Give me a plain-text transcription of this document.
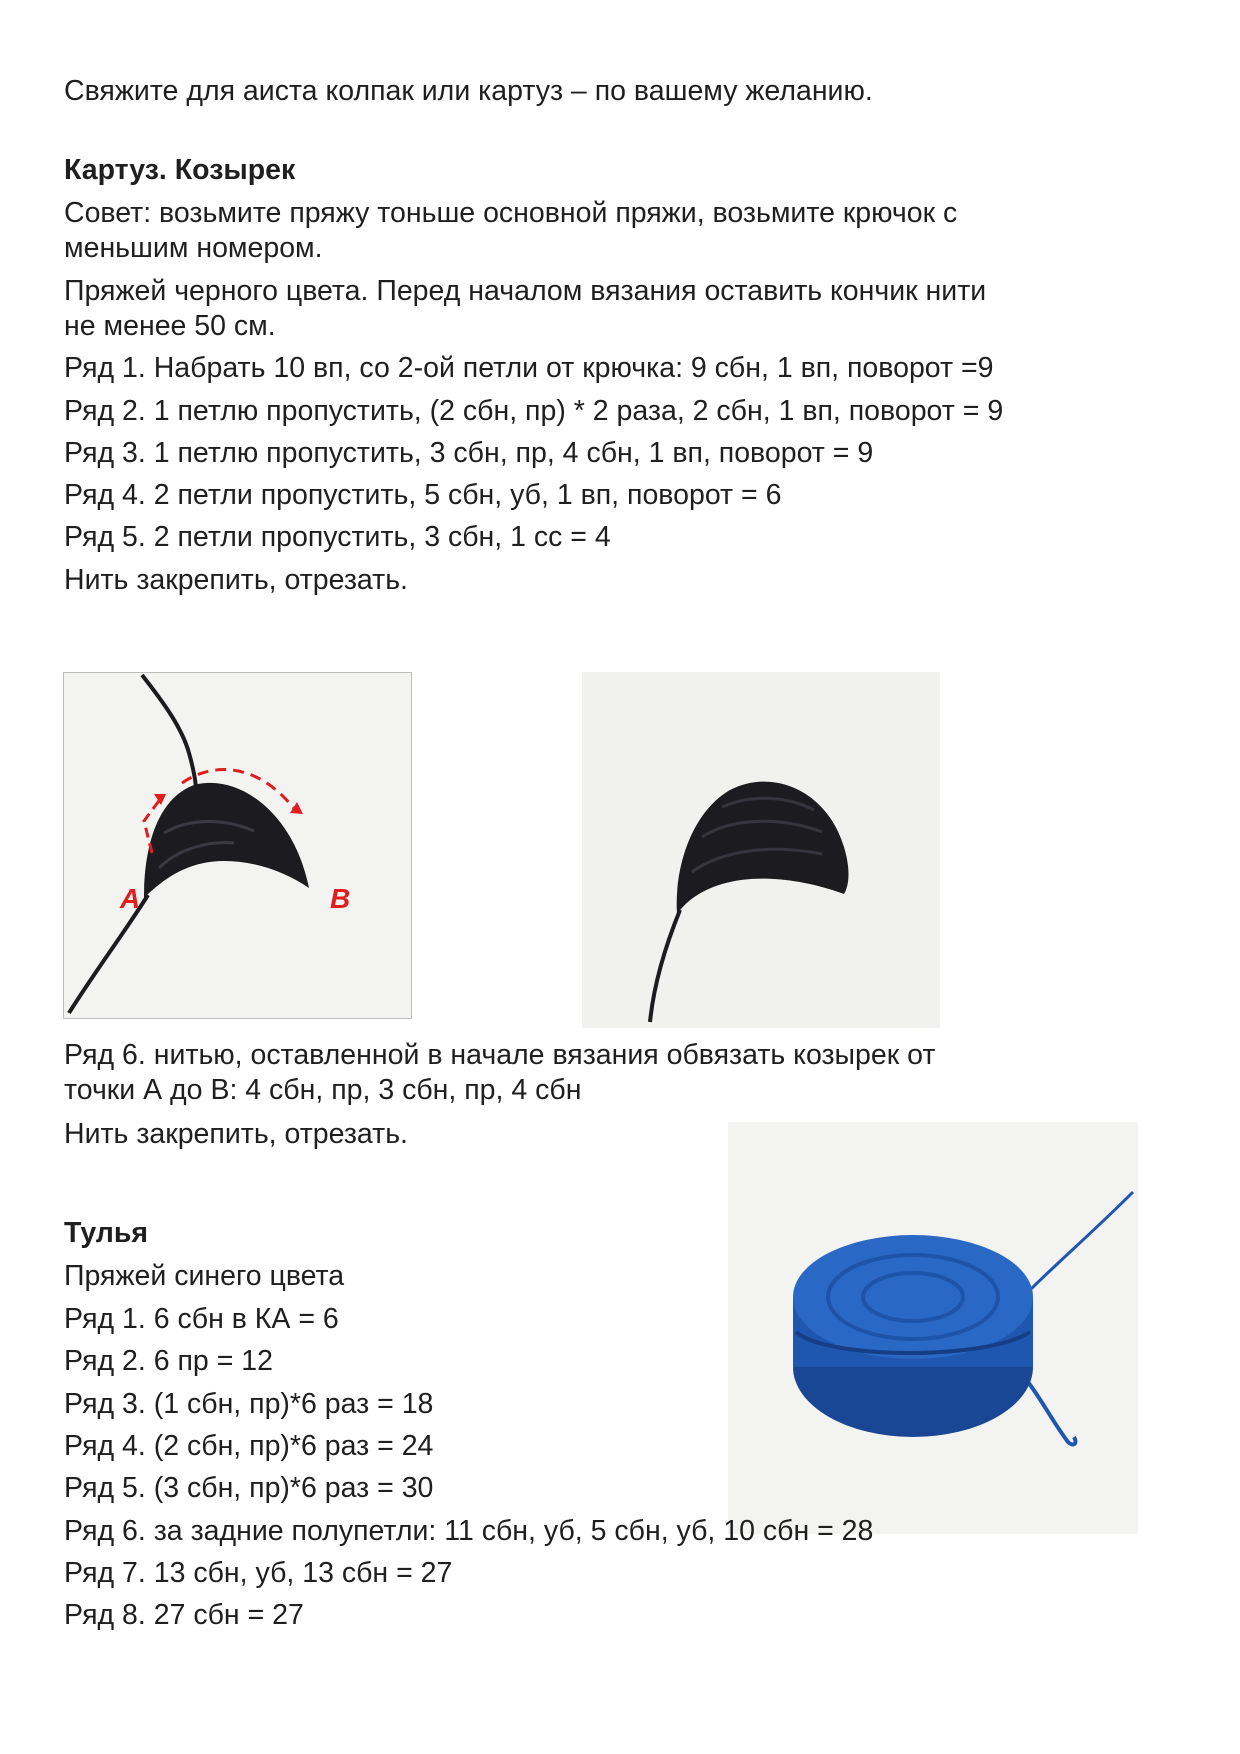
Свяжите для аиста колпак или картуз – по вашему желанию.

Картуз. Козырек

Совет: возьмите пряжу тоньше основной пряжи, возьмите крючок с

меньшим номером.

Пряжей черного цвета. Перед началом вязания оставить кончик нити

не менее 50 см.

Ряд 1. Набрать 10 вп, со 2-ой петли от крючка: 9 сбн, 1 вп, поворот =9

Ряд 2. 1 петлю пропустить, (2 сбн, пр) * 2 раза, 2 сбн, 1 вп, поворот = 9

Ряд 3. 1 петлю пропустить, 3 сбн, пр, 4 сбн, 1 вп, поворот = 9

Ряд 4. 2 петли пропустить, 5 сбн, уб, 1 вп, поворот = 6

Ряд 5. 2 петли пропустить, 3 сбн, 1 сс = 4

Нить закрепить, отрезать.

A	B

Ряд 6. нитью, оставленной в начале вязания обвязать козырек от

точки А до В: 4 сбн, пр, 3 сбн, пр, 4 сбн

Нить закрепить, отрезать.

Тулья

Пряжей синего цвета

Ряд 1. 6 сбн в КА = 6

Ряд 2. 6 пр = 12

Ряд 3. (1 сбн, пр)*6 раз = 18

Ряд 4. (2 сбн, пр)*6 раз = 24

Ряд 5. (3 сбн, пр)*6 раз = 30

Ряд 6. за задние полупетли: 11 сбн, уб, 5 сбн, уб, 10 сбн = 28

Ряд 7. 13 сбн, уб, 13 сбн = 27

Ряд 8. 27 сбн = 27
